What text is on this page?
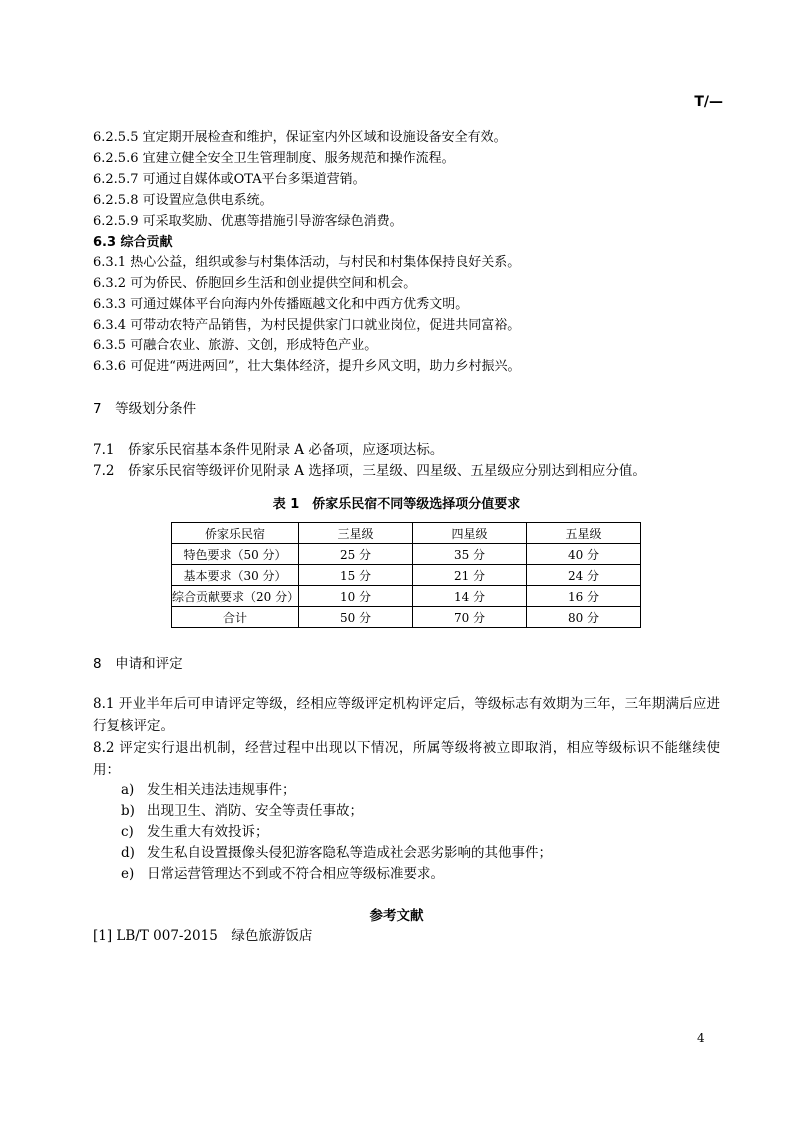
T/—
6.2.5.5 宜定期开展检查和维护，保证室内外区域和设施设备安全有效。
6.2.5.6 宜建立健全安全卫生管理制度、服务规范和操作流程。
6.2.5.7 可通过自媒体或OTA平台多渠道营销。
6.2.5.8 可设置应急供电系统。
6.2.5.9 可采取奖励、优惠等措施引导游客绿色消费。
6.3 综合贡献
6.3.1 热心公益，组织或参与村集体活动，与村民和村集体保持良好关系。
6.3.2 可为侨民、侨胞回乡生活和创业提供空间和机会。
6.3.3 可通过媒体平台向海内外传播瓯越文化和中西方优秀文明。
6.3.4 可带动农特产品销售，为村民提供家门口就业岗位，促进共同富裕。
6.3.5 可融合农业、旅游、文创，形成特色产业。
6.3.6 可促进“两进两回”，壮大集体经济，提升乡风文明，助力乡村振兴。
7　等级划分条件
7.1　 侨家乐民宿基本条件见附录 A 必备项，应逐项达标。
7.2　 侨家乐民宿等级评价见附录 A 选择项，三星级、四星级、五星级应分别达到相应分值。
表 1　侨家乐民宿不同等级选择项分值要求
侨家乐民宿	三星级	四星级	五星级
特色要求（50 分）	25 分	35 分	40 分
基本要求（30 分）	15 分	21 分	24 分
综合贡献要求（20 分）	10 分	14 分	16 分
合计	50 分	70 分	80 分
8　申请和评定
8.1 开业半年后可申请评定等级，经相应等级评定机构评定后，等级标志有效期为三年，三年期满后应进行复核评定。
8.2 评定实行退出机制，经营过程中出现以下情况，所属等级将被立即取消，相应等级标识不能继续使用：
a) 发生相关违法违规事件；
b) 出现卫生、消防、安全等责任事故；
c) 发生重大有效投诉；
d) 发生私自设置摄像头侵犯游客隐私等造成社会恶劣影响的其他事件；
e) 日常运营管理达不到或不符合相应等级标准要求。
参考文献
[1] LB/T 007-2015　绿色旅游饭店
4
